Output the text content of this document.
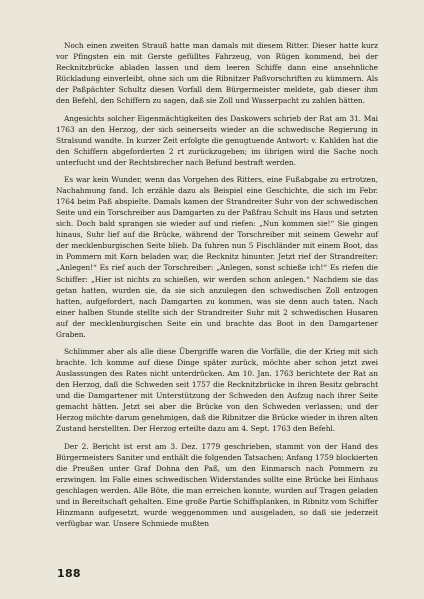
Noch einen zweiten Strauß hatte man damals mit diesem Ritter. Dieser hatte kurz vor Pfingsten ein mit Gerste gefülltes Fahrzeug, von Rügen kommend, bei der Recknitzbrücke abladen lassen und dem leeren Schiffe dann eine ansehnliche Rückladung einverleibt, ohne sich um die Ribnitzer Paßvorschriften zu kümmern. Als der Paßpächter Schultz diesen Vorfall dem Bürgermeister meldete, gab dieser ihm den Befehl, den Schiffern zu sagen, daß sie Zoll und Wasserpacht zu zahlen hätten.

Angesichts solcher Eigenmächtigkeiten des Daskowers schrieb der Rat am 31. Mai 1763 an den Herzog, der sich seinerseits wieder an die schwedische Regierung in Stralsund wandte. In kurzer Zeit erfolgte die genugtuende Antwort: v. Kahlden hat die den Schiffern abgeforderten 2 rt zurückzugeben; im übrigen wird die Sache noch unterfucht und der Rechtsbrecher nach Befund bestraft werden.

Es war kein Wunder, wenn das Vorgehen des Ritters, eine Fußabgabe zu ertrotzen, Nachahmung fand. Ich erzähle dazu als Beispiel eine Geschichte, die sich im Febr. 1764 beim Paß abspielte. Damals kamen der Strandreiter Suhr von der schwedischen Seite und ein Torschreiber aus Damgarten zu der Paßfrau Schult ins Haus und setzten sich. Doch bald sprangen sie wieder auf und riefen: „Nun kommen sie!“ Sie gingen hinaus, Suhr lief auf die Brücke, während der Torschreiber mit seinem Gewehr auf der mecklenburgischen Seite blieb. Da fuhren nun 5 Fischländer mit einem Boot, das in Pommern mit Korn beladen war, die Recknitz hinunter. Jetzt rief der Strandreiter: „Anlegen!“ Es rief auch der Torschreiber: „Anlegen, sonst schieße ich!“ Es riefen die Schiffer: „Hier ist nichts zu schießen, wir werden schon anlegen.“ Nachdem sie das getan hatten, wurden sie, da sie sich anzulegen den schwedischen Zoll entzogen hatten, aufgefordert, nach Damgarten zu kommen, was sie denn auch taten. Nach einer halben Stunde stellte sich der Strandreiter Suhr mit 2 schwedischen Husaren auf der mecklenburgischen Seite ein und brachte das Boot in den Damgartener Graben.

Schlimmer aber als alle diese Übergriffe waren die Vorfälle, die der Krieg mit sich brachte. Ich komme auf diese Dinge später zurück, möchte aber schon jetzt zwei Auslassungen des Rates nicht unterdrücken. Am 10. Jan. 1763 berichtete der Rat an den Herzog, daß die Schweden seit 1757 die Recknitzbrücke in ihren Besitz gebracht und die Damgartener mit Unterstützung der Schweden den Aufzug nach ihrer Seite gemacht hätten. Jetzt sei aber die Brücke von den Schweden verlassen; und der Herzog möchte darum genehmigen, daß die Ribnitzer die Brücke wieder in ihren alten Zustand herstellten. Der Herzog erteilte dazu am 4. Sept. 1763 den Befehl.

Der 2. Bericht ist erst am 3. Dez. 1779 geschrieben, stammt von der Hand des Bürgermeisters Saniter und enthält die folgenden Tatsachen: Anfang 1759 blockierten die Preußen unter Graf Dohna den Paß, um den Einmarsch nach Pommern zu erzwingen. Im Falle eines schwedischen Widerstandes sollte eine Brücke bei Einhaus geschlagen werden. Alle Böte, die man erreichen konnte, wurden auf Tragen geladen und in Bereitschaft gehalten. Eine große Partie Schiffsplanken, in Ribnitz vom Schiffer Hinzmann aufgesetzt, wurde weggenommen und ausgeladen, so daß sie jederzeit verfügbar war. Unsere Schmiede mußten

188
